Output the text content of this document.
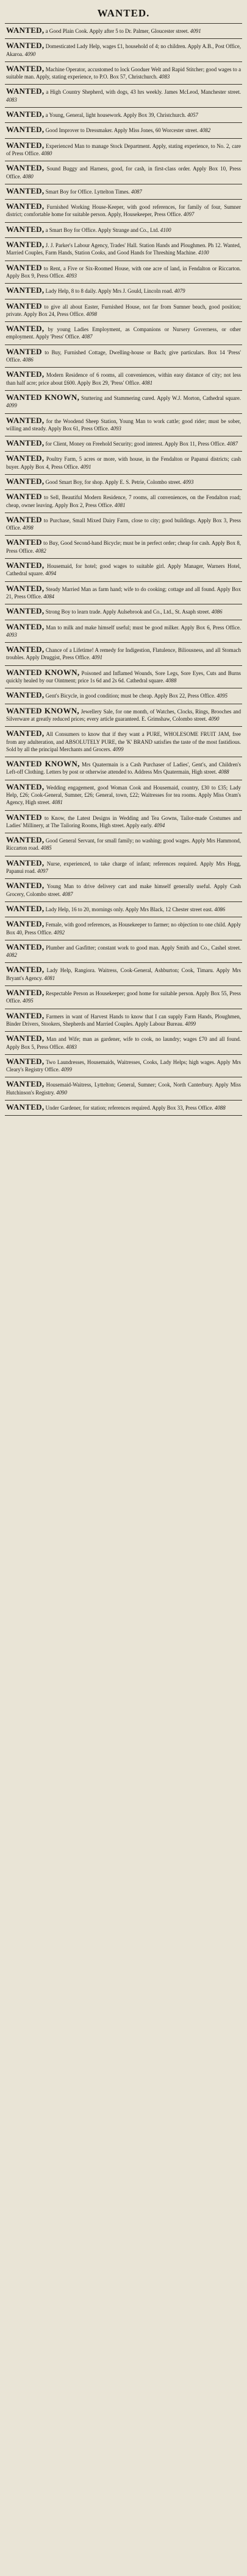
WANTED.

WANTED, a Good Plain Cook. Apply after 5 to Dr. Palmer, Gloucester street. 4091

WANTED, Domesticated Lady Help, wages £1, household of 4; no children. Apply A.B., Post Office, Akaroa. 4090

WANTED, Machine Operator, accustomed to lock Gooduer Welt and Rapid Stitcher; good wages to a suitable man. Apply, stating experience, to P.O. Box 57, Christchurch. 4083

WANTED, a High Country Shepherd, with dogs, 43 hrs weekly. James McLeod, Manchester street. 4083

WANTED, a Young, General, light housework. Apply Box 39, Christchurch. 4057

WANTED, Good Improver to Dressmaker. Apply Miss Jones, 60 Worcester street. 4082

WANTED, Experienced Man to manage Stock Department. Apply, stating experience, to No. 2, care of Press Office. 4080

WANTED, Sound Buggy and Harness, good, for cash, in first-class order. Apply Box 10, Press Office. 4080

WANTED, Smart Boy for Office. Lyttelton Times. 4087

WANTED, Furnished Working House-Keeper, with good references, for family of four, Sumner district; comfortable home for suitable person. Apply, Housekeeper, Press Office. 4097

WANTED, a Smart Boy for Office. Apply Strange and Co., Ltd. 4100

WANTED, J. J. Parker's Labour Agency, Trades' Hall. Station Hands and Ploughmen. Ph 12. Wanted, Married Couples, Farm Hands, Station Cooks, and Good Hands for Threshing Machine. 4100

WANTED to Rent, a Five or Six-Roomed House, with one acre of land, in Fendalton or Riccarton. Apply Box 9, Press Office. 4093

WANTED, Lady Help, 8 to 8 daily. Apply Mrs J. Gould, Lincoln road. 4079

WANTED to give all about Easter, Furnished House, not far from Sumner beach, good position; private. Apply Box 24, Press Office. 4098

WANTED, by young Ladies Employment, as Companions or Nursery Governess, or other employment. Apply 'Press' Office. 4087

WANTED to Buy, Furnished Cottage, Dwelling-house or Bach; give particulars. Box 14 'Press' Office. 4086

WANTED, Modern Residence of 6 rooms, all conveniences, within easy distance of city; not less than half acre; price about £600. Apply Box 29, 'Press' Office. 4081

WANTED KNOWN, Stuttering and Stammering cured. Apply W.J. Morton, Cathedral square. 4099

WANTED, for the Woodend Sheep Station, Young Man to work cattle; good rider; must be sober, willing and steady. Apply Box 61, Press Office. 4093

WANTED, for Client, Money on Freehold Security; good interest. Apply Box 11, Press Office. 4087

WANTED, Poultry Farm, 5 acres or more, with house, in the Fendalton or Papanui districts; cash buyer. Apply Box 4, Press Office. 4091

WANTED, Good Smart Boy, for shop. Apply E. S. Petrie, Colombo street. 4093

WANTED to Sell, Beautiful Modern Residence, 7 rooms, all conveniences, on the Fendalton road; cheap, owner leaving. Apply Box 2, Press Office. 4081

WANTED to Purchase, Small Mixed Dairy Farm, close to city; good buildings. Apply Box 3, Press Office. 4098

WANTED to Buy, Good Second-hand Bicycle; must be in perfect order; cheap for cash. Apply Box 8, Press Office. 4082

WANTED, Housemaid, for hotel; good wages to suitable girl. Apply Manager, Warners Hotel, Cathedral square. 4094

WANTED, Steady Married Man as farm hand; wife to do cooking; cottage and all found. Apply Box 21, Press Office. 4084

WANTED, Strong Boy to learn trade. Apply Aulsebrook and Co., Ltd., St. Asaph street. 4086

WANTED, Man to milk and make himself useful; must be good milker. Apply Box 6, Press Office. 4093

WANTED, Chance of a Lifetime! A remedy for Indigestion, Flatulence, Biliousness, and all Stomach troubles. Apply Druggist, Press Office. 4091

WANTED KNOWN, Poisoned and Inflamed Wounds, Sore Legs, Sore Eyes, Cuts and Burns quickly healed by our Ointment; price 1s 6d and 2s 6d. Cathedral square. 4088

WANTED, Gent's Bicycle, in good condition; must be cheap. Apply Box 22, Press Office. 4095

WANTED KNOWN, Jewellery Sale, for one month, of Watches, Clocks, Rings, Brooches and Silverware at greatly reduced prices; every article guaranteed. E. Grimshaw, Colombo street. 4090

WANTED, All Consumers to know that if they want a PURE, WHOLESOME FRUIT JAM, free from any adulteration, and ABSOLUTELY PURE, the 'K' BRAND satisfies the taste of the most fastidious. Sold by all the principal Merchants and Grocers. 4099

WANTED KNOWN, Mrs Quatermain is a Cash Purchaser of Ladies', Gent's, and Children's Left-off Clothing. Letters by post or otherwise attended to. Address Mrs Quatermain, High street. 4088

WANTED, Wedding engagement, good Woman Cook and Housemaid, country, £30 to £35; Lady Help, £26; Cook-General, Sumner, £26; General, town, £22; Waitresses for tea rooms. Apply Miss Oram's Agency, High street. 4081

WANTED to Know, the Latest Designs in Wedding and Tea Gowns, Tailor-made Costumes and Ladies' Millinery, at The Tailoring Rooms, High street. Apply early. 4094

WANTED, Good General Servant, for small family; no washing; good wages. Apply Mrs Hammond, Riccarton road. 4085

WANTED, Nurse, experienced, to take charge of infant; references required. Apply Mrs Hogg, Papanui road. 4097

WANTED, Young Man to drive delivery cart and make himself generally useful. Apply Cash Grocery, Colombo street. 4087

WANTED, Lady Help, 16 to 20, mornings only. Apply Mrs Black, 12 Chester street east. 4086

WANTED, Female, with good references, as Housekeeper to farmer; no objection to one child. Apply Box 40, Press Office. 4092

WANTED, Plumber and Gasfitter; constant work to good man. Apply Smith and Co., Cashel street. 4082

WANTED, Lady Help, Rangiora. Waitress, Cook-General, Ashburton; Cook, Timaru. Apply Mrs Bryant's Agency. 4081

WANTED, Respectable Person as Housekeeper; good home for suitable person. Apply Box 55, Press Office. 4095

WANTED, Farmers in want of Harvest Hands to know that I can supply Farm Hands, Ploughmen, Binder Drivers, Stookers, Shepherds and Married Couples. Apply Labour Bureau. 4099

WANTED, Man and Wife; man as gardener, wife to cook, no laundry; wages £70 and all found. Apply Box 5, Press Office. 4083

WANTED, Two Laundresses, Housemaids, Waitresses, Cooks, Lady Helps; high wages. Apply Mrs Cleary's Registry Office. 4099

WANTED, Housemaid-Waitress, Lyttelton; General, Sumner; Cook, North Canterbury. Apply Miss Hutchinson's Registry. 4090

WANTED, Under Gardener, for station; references required. Apply Box 33, Press Office. 4088
